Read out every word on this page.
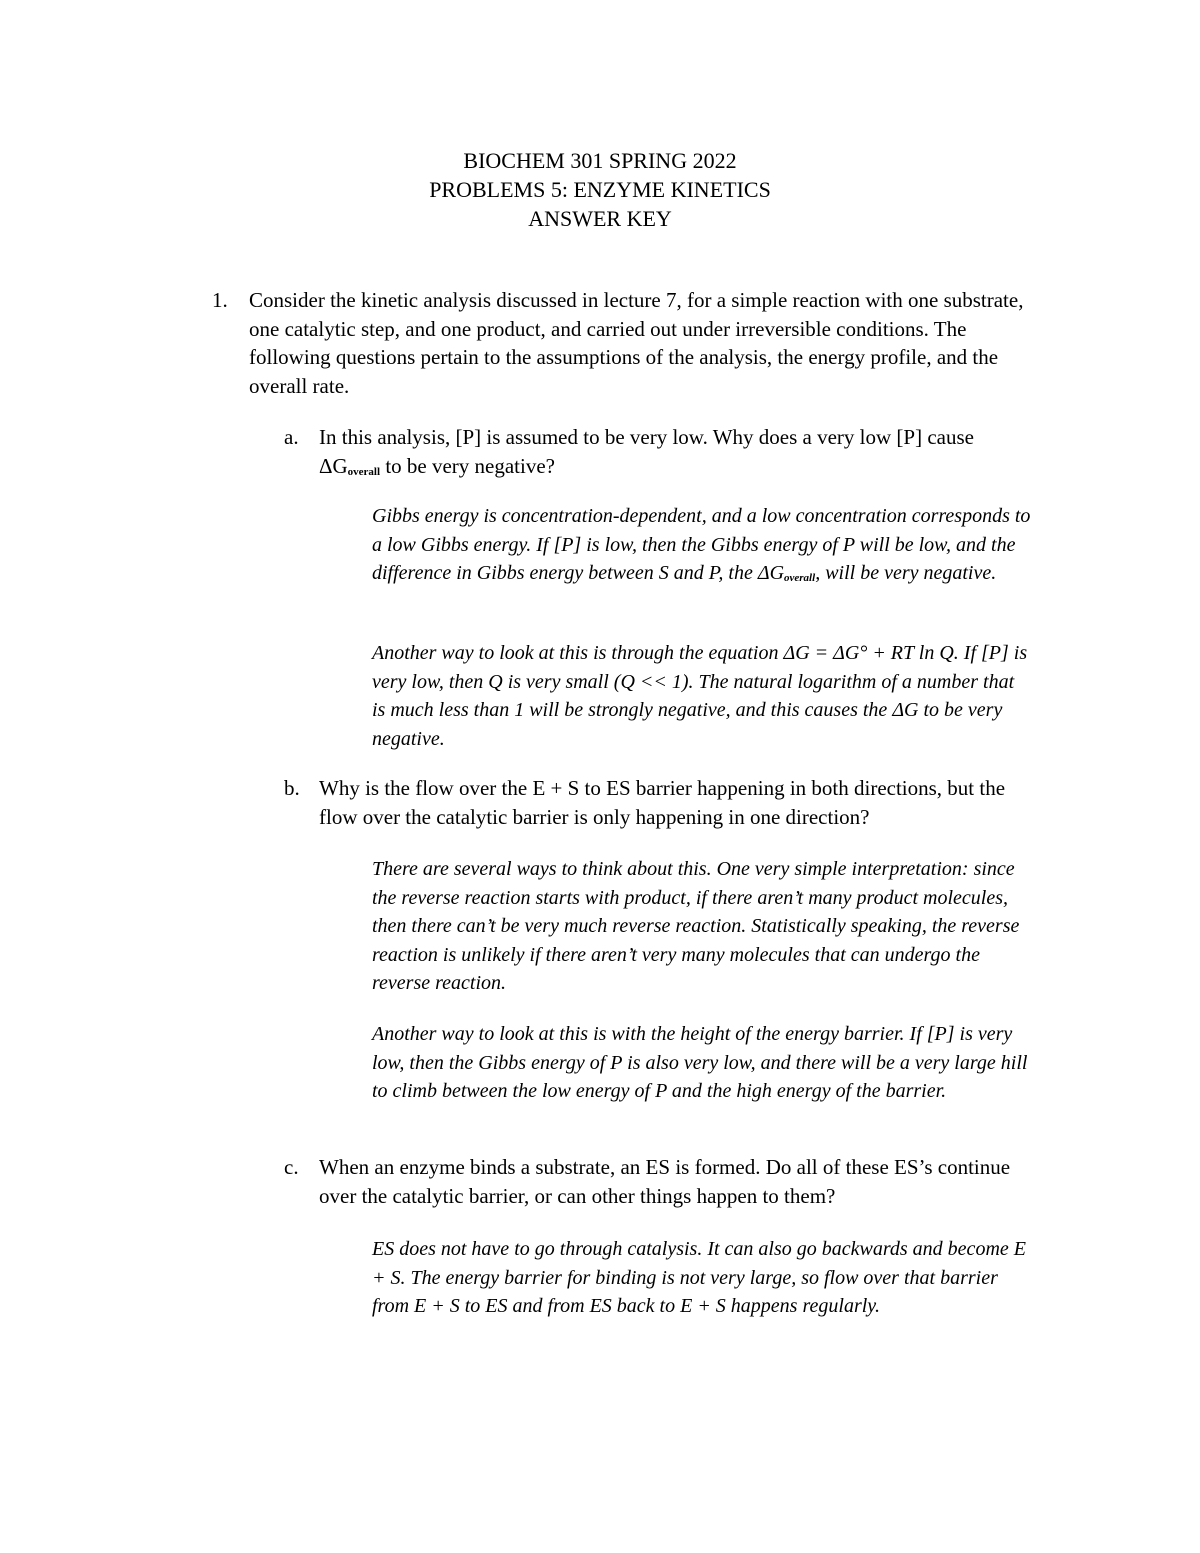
BIOCHEM 301 SPRING 2022
PROBLEMS 5: ENZYME KINETICS
ANSWER KEY
1. Consider the kinetic analysis discussed in lecture 7, for a simple reaction with one substrate, one catalytic step, and one product, and carried out under irreversible conditions. The following questions pertain to the assumptions of the analysis, the energy profile, and the overall rate.
a. In this analysis, [P] is assumed to be very low. Why does a very low [P] cause $\Delta G_{overall}$ to be very negative?
Gibbs energy is concentration-dependent, and a low concentration corresponds to a low Gibbs energy. If [P] is low, then the Gibbs energy of P will be low, and the difference in Gibbs energy between S and P, the $\Delta G_{overall}$, will be very negative.
Another way to look at this is through the equation ΔG = ΔG° + RT ln Q. If [P] is very low, then Q is very small (Q << 1). The natural logarithm of a number that is much less than 1 will be strongly negative, and this causes the ΔG to be very negative.
b. Why is the flow over the E + S to ES barrier happening in both directions, but the flow over the catalytic barrier is only happening in one direction?
There are several ways to think about this. One very simple interpretation: since the reverse reaction starts with product, if there aren’t many product molecules, then there can’t be very much reverse reaction. Statistically speaking, the reverse reaction is unlikely if there aren’t very many molecules that can undergo the reverse reaction.
Another way to look at this is with the height of the energy barrier. If [P] is very low, then the Gibbs energy of P is also very low, and there will be a very large hill to climb between the low energy of P and the high energy of the barrier.
c. When an enzyme binds a substrate, an ES is formed. Do all of these ES’s continue over the catalytic barrier, or can other things happen to them?
ES does not have to go through catalysis. It can also go backwards and become E + S. The energy barrier for binding is not very large, so flow over that barrier from E + S to ES and from ES back to E + S happens regularly.
